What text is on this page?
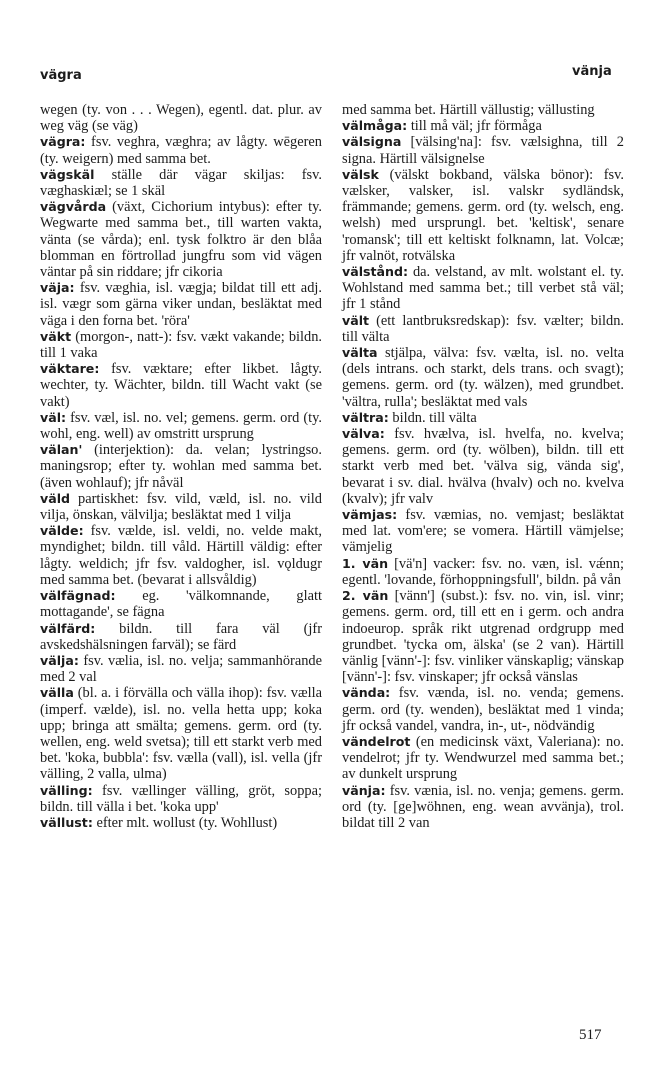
vägra	vänja

wegen (ty. von . . . Wegen), egentl. dat. plur. av weg väg (se väg)

vägra: fsv. veghra, væghra; av lågty. wēgeren (ty. weigern) med samma bet.

vägskäl ställe där vägar skiljas: fsv. væghaskiæl; se 1 skäl

vägvårda (växt, Cichorium intybus): efter ty. Wegwarte med samma bet., till warten vakta, vänta (se vårda); enl. tysk folktro är den blåa blomman en förtrollad jungfru som vid vägen väntar på sin riddare; jfr cikoria

väja: fsv. væghia, isl. vægja; bildat till ett adj. isl. vægr som gärna viker undan, besläktat med väga i den forna bet. 'röra'

väkt (morgon-, natt-): fsv. vækt vakande; bildn. till 1 vaka

väktare: fsv. væktare; efter likbet. lågty. wechter, ty. Wächter, bildn. till Wacht vakt (se vakt)

väl: fsv. væl, isl. no. vel; gemens. germ. ord (ty. wohl, eng. well) av omstritt ursprung

välan' (interjektion): da. velan; lystringso. maningsrop; efter ty. wohlan med samma bet. (även wohlauf); jfr nåväl

väld partiskhet: fsv. vild, væld, isl. no. vild vilja, önskan, välvilja; besläktat med 1 vilja

välde: fsv. vælde, isl. veldi, no. velde makt, myndighet; bildn. till våld. Härtill väldig: efter lågty. weldich; jfr fsv. valdogher, isl. vǫldugr med samma bet. (bevarat i allsvåldig)

välfägnad: eg. 'välkomnande, glatt mottagande', se fägna

välfärd: bildn. till fara väl (jfr avskedshälsningen farväl); se färd

välja: fsv. vælia, isl. no. velja; sammanhörande med 2 val

välla (bl. a. i förvälla och välla ihop): fsv. vælla (imperf. vælde), isl. no. vella hetta upp; koka upp; bringa att smälta; gemens. germ. ord (ty. wellen, eng. weld svetsa); till ett starkt verb med bet. 'koka, bubbla': fsv. vælla (vall), isl. vella (jfr välling, 2 valla, ulma)

välling: fsv. vællinger välling, gröt, soppa; bildn. till välla i bet. 'koka upp'

vällust: efter mlt. wollust (ty. Wohllust)

med samma bet. Härtill vällustig; vällusting

välmåga: till må väl; jfr förmåga

välsigna [välsing'na]: fsv. vælsighna, till 2 signa. Härtill välsignelse

välsk (välskt bokband, välska bönor): fsv. vælsker, valsker, isl. valskr sydländsk, främmande; gemens. germ. ord (ty. welsch, eng. welsh) med ursprungl. bet. 'keltisk', senare 'romansk'; till ett keltiskt folknamn, lat. Volcæ; jfr valnöt, rotvälska

välstånd: da. velstand, av mlt. wolstant el. ty. Wohlstand med samma bet.; till verbet stå väl; jfr 1 stånd

vält (ett lantbruksredskap): fsv. vælter; bildn. till välta

välta stjälpa, välva: fsv. vælta, isl. no. velta (dels intrans. och starkt, dels trans. och svagt); gemens. germ. ord (ty. wälzen), med grundbet. 'vältra, rulla'; besläktat med vals

vältra: bildn. till välta

välva: fsv. hvælva, isl. hvelfa, no. kvelva; gemens. germ. ord (ty. wölben), bildn. till ett starkt verb med bet. 'välva sig, vända sig', bevarat i sv. dial. hvälva (hvalv) och no. kvelva (kvalv); jfr valv

vämjas: fsv. væmias, no. vemjast; besläktat med lat. vom'ere; se vomera. Härtill vämjelse; vämjelig

1. vän [vä'n] vacker: fsv. no. væn, isl. vǽnn; egentl. 'lovande, förhoppningsfull', bildn. på vån

2. vän [vänn'] (subst.): fsv. no. vin, isl. vinr; gemens. germ. ord, till ett en i germ. och andra indoeurop. språk rikt utgrenad ordgrupp med grundbet. 'tycka om, älska' (se 2 van). Härtill vänlig [vänn'-]: fsv. vinliker vänskaplig; vänskap [vänn'-]: fsv. vinskaper; jfr också vänslas

vända: fsv. vænda, isl. no. venda; gemens. germ. ord (ty. wenden), besläktat med 1 vinda; jfr också vandel, vandra, in-, ut-, nödvändig

vändelrot (en medicinsk växt, Valeriana): no. vendelrot; jfr ty. Wendwurzel med samma bet.; av dunkelt ursprung

vänja: fsv. vænia, isl. no. venja; gemens. germ. ord (ty. [ge]wöhnen, eng. wean avvänja), trol. bildat till 2 van

517
